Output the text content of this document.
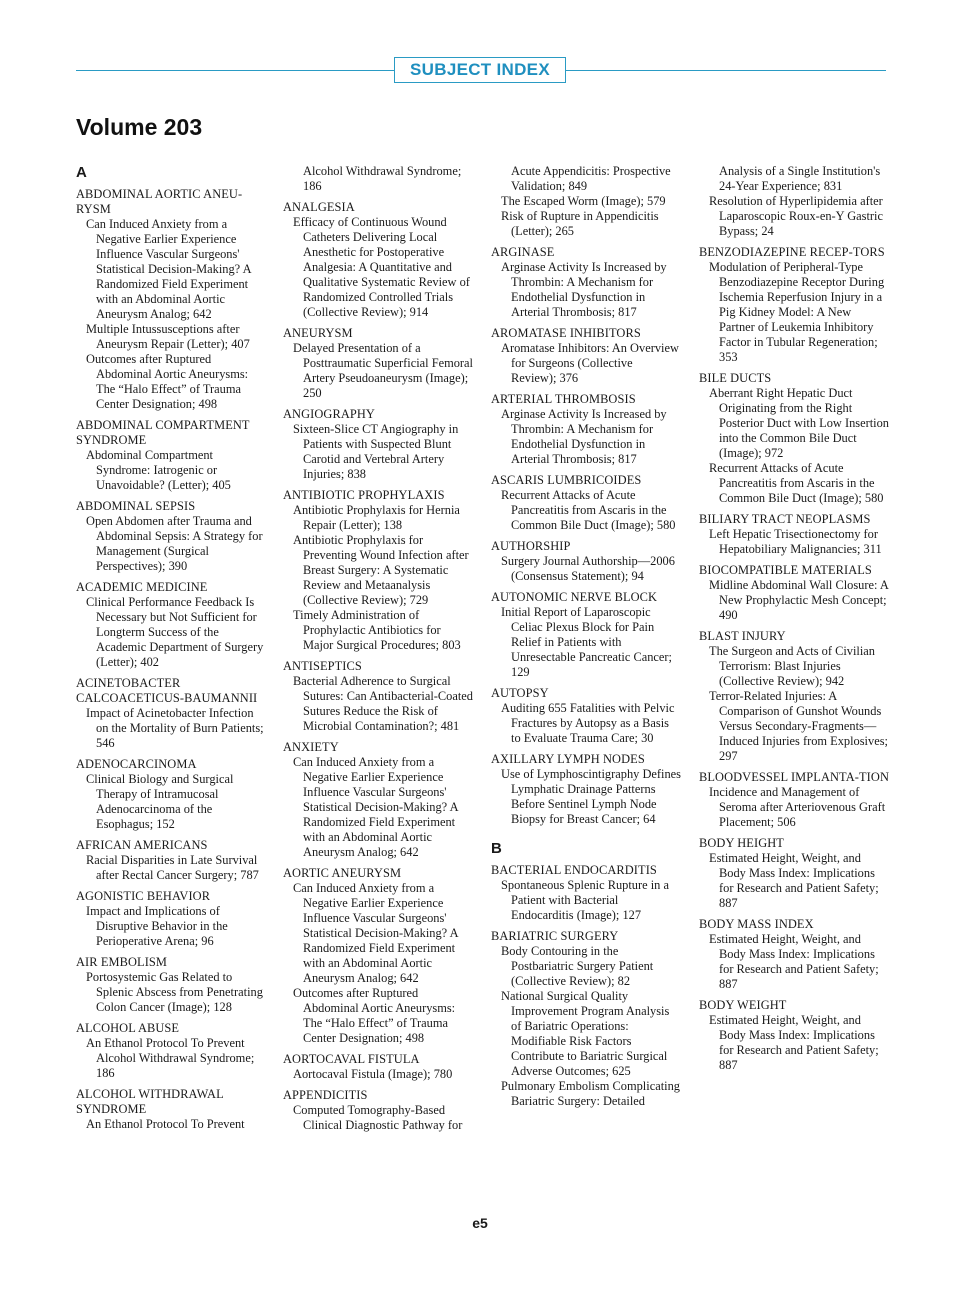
SUBJECT INDEX
Volume 203
A
ABDOMINAL AORTIC ANEU-RYSM
Can Induced Anxiety from a Negative Earlier Experience Influence Vascular Surgeons' Statistical Decision-Making? A Randomized Field Experiment with an Abdominal Aortic Aneurysm Analog; 642
Multiple Intussusceptions after Aneurysm Repair (Letter); 407
Outcomes after Ruptured Abdominal Aortic Aneurysms: The “Halo Effect” of Trauma Center Designation; 498
ABDOMINAL COMPARTMENT SYNDROME
Abdominal Compartment Syndrome: Iatrogenic or Unavoidable? (Letter); 405
ABDOMINAL SEPSIS
Open Abdomen after Trauma and Abdominal Sepsis: A Strategy for Management (Surgical Perspectives); 390
ACADEMIC MEDICINE
Clinical Performance Feedback Is Necessary but Not Sufficient for Longterm Success of the Academic Department of Surgery (Letter); 402
ACINETOBACTER CALCOACETICUS-BAUMANNII
Impact of Acinetobacter Infection on the Mortality of Burn Patients; 546
ADENOCARCINOMA
Clinical Biology and Surgical Therapy of Intramucosal Adenocarcinoma of the Esophagus; 152
AFRICAN AMERICANS
Racial Disparities in Late Survival after Rectal Cancer Surgery; 787
AGONISTIC BEHAVIOR
Impact and Implications of Disruptive Behavior in the Perioperative Arena; 96
AIR EMBOLISM
Portosystemic Gas Related to Splenic Abscess from Penetrating Colon Cancer (Image); 128
ALCOHOL ABUSE
An Ethanol Protocol To Prevent Alcohol Withdrawal Syndrome; 186
ALCOHOL WITHDRAWAL SYNDROME
An Ethanol Protocol To Prevent
Alcohol Withdrawal Syndrome; 186
ANALGESIA
Efficacy of Continuous Wound Catheters Delivering Local Anesthetic for Postoperative Analgesia: A Quantitative and Qualitative Systematic Review of Randomized Controlled Trials (Collective Review); 914
ANEURYSM
Delayed Presentation of a Posttraumatic Superficial Femoral Artery Pseudoaneurysm (Image); 250
ANGIOGRAPHY
Sixteen-Slice CT Angiography in Patients with Suspected Blunt Carotid and Vertebral Artery Injuries; 838
ANTIBIOTIC PROPHYLAXIS
Antibiotic Prophylaxis for Hernia Repair (Letter); 138
Antibiotic Prophylaxis for Preventing Wound Infection after Breast Surgery: A Systematic Review and Metaanalysis (Collective Review); 729
Timely Administration of Prophylactic Antibiotics for Major Surgical Procedures; 803
ANTISEPTICS
Bacterial Adherence to Surgical Sutures: Can Antibacterial-Coated Sutures Reduce the Risk of Microbial Contamination?; 481
ANXIETY
Can Induced Anxiety from a Negative Earlier Experience Influence Vascular Surgeons' Statistical Decision-Making? A Randomized Field Experiment with an Abdominal Aortic Aneurysm Analog; 642
AORTIC ANEURYSM
Can Induced Anxiety from a Negative Earlier Experience Influence Vascular Surgeons' Statistical Decision-Making? A Randomized Field Experiment with an Abdominal Aortic Aneurysm Analog; 642
Outcomes after Ruptured Abdominal Aortic Aneurysms: The “Halo Effect” of Trauma Center Designation; 498
AORTOCAVAL FISTULA
Aortocaval Fistula (Image); 780
APPENDICITIS
Computed Tomography-Based Clinical Diagnostic Pathway for
Acute Appendicitis: Prospective Validation; 849
The Escaped Worm (Image); 579
Risk of Rupture in Appendicitis (Letter); 265
ARGINASE
Arginase Activity Is Increased by Thrombin: A Mechanism for Endothelial Dysfunction in Arterial Thrombosis; 817
AROMATASE INHIBITORS
Aromatase Inhibitors: An Overview for Surgeons (Collective Review); 376
ARTERIAL THROMBOSIS
Arginase Activity Is Increased by Thrombin: A Mechanism for Endothelial Dysfunction in Arterial Thrombosis; 817
ASCARIS LUMBRICOIDES
Recurrent Attacks of Acute Pancreatitis from Ascaris in the Common Bile Duct (Image); 580
AUTHORSHIP
Surgery Journal Authorship—2006 (Consensus Statement); 94
AUTONOMIC NERVE BLOCK
Initial Report of Laparoscopic Celiac Plexus Block for Pain Relief in Patients with Unresectable Pancreatic Cancer; 129
AUTOPSY
Auditing 655 Fatalities with Pelvic Fractures by Autopsy as a Basis to Evaluate Trauma Care; 30
AXILLARY LYMPH NODES
Use of Lymphoscintigraphy Defines Lymphatic Drainage Patterns Before Sentinel Lymph Node Biopsy for Breast Cancer; 64
B
BACTERIAL ENDOCARDITIS
Spontaneous Splenic Rupture in a Patient with Bacterial Endocarditis (Image); 127
BARIATRIC SURGERY
Body Contouring in the Postbariatric Surgery Patient (Collective Review); 82
National Surgical Quality Improvement Program Analysis of Bariatric Operations: Modifiable Risk Factors Contribute to Bariatric Surgical Adverse Outcomes; 625
Pulmonary Embolism Complicating Bariatric Surgery: Detailed
Analysis of a Single Institution's 24-Year Experience; 831
Resolution of Hyperlipidemia after Laparoscopic Roux-en-Y Gastric Bypass; 24
BENZODIAZEPINE RECEP-TORS
Modulation of Peripheral-Type Benzodiazepine Receptor During Ischemia Reperfusion Injury in a Pig Kidney Model: A New Partner of Leukemia Inhibitory Factor in Tubular Regeneration; 353
BILE DUCTS
Aberrant Right Hepatic Duct Originating from the Right Posterior Duct with Low Insertion into the Common Bile Duct (Image); 972
Recurrent Attacks of Acute Pancreatitis from Ascaris in the Common Bile Duct (Image); 580
BILIARY TRACT NEOPLASMS
Left Hepatic Trisectionectomy for Hepatobiliary Malignancies; 311
BIOCOMPATIBLE MATERIALS
Midline Abdominal Wall Closure: A New Prophylactic Mesh Concept; 490
BLAST INJURY
The Surgeon and Acts of Civilian Terrorism: Blast Injuries (Collective Review); 942
Terror-Related Injuries: A Comparison of Gunshot Wounds Versus Secondary-Fragments—Induced Injuries from Explosives; 297
BLOODVESSEL IMPLANTA-TION
Incidence and Management of Seroma after Arteriovenous Graft Placement; 506
BODY HEIGHT
Estimated Height, Weight, and Body Mass Index: Implications for Research and Patient Safety; 887
BODY MASS INDEX
Estimated Height, Weight, and Body Mass Index: Implications for Research and Patient Safety; 887
BODY WEIGHT
Estimated Height, Weight, and Body Mass Index: Implications for Research and Patient Safety; 887
e5
